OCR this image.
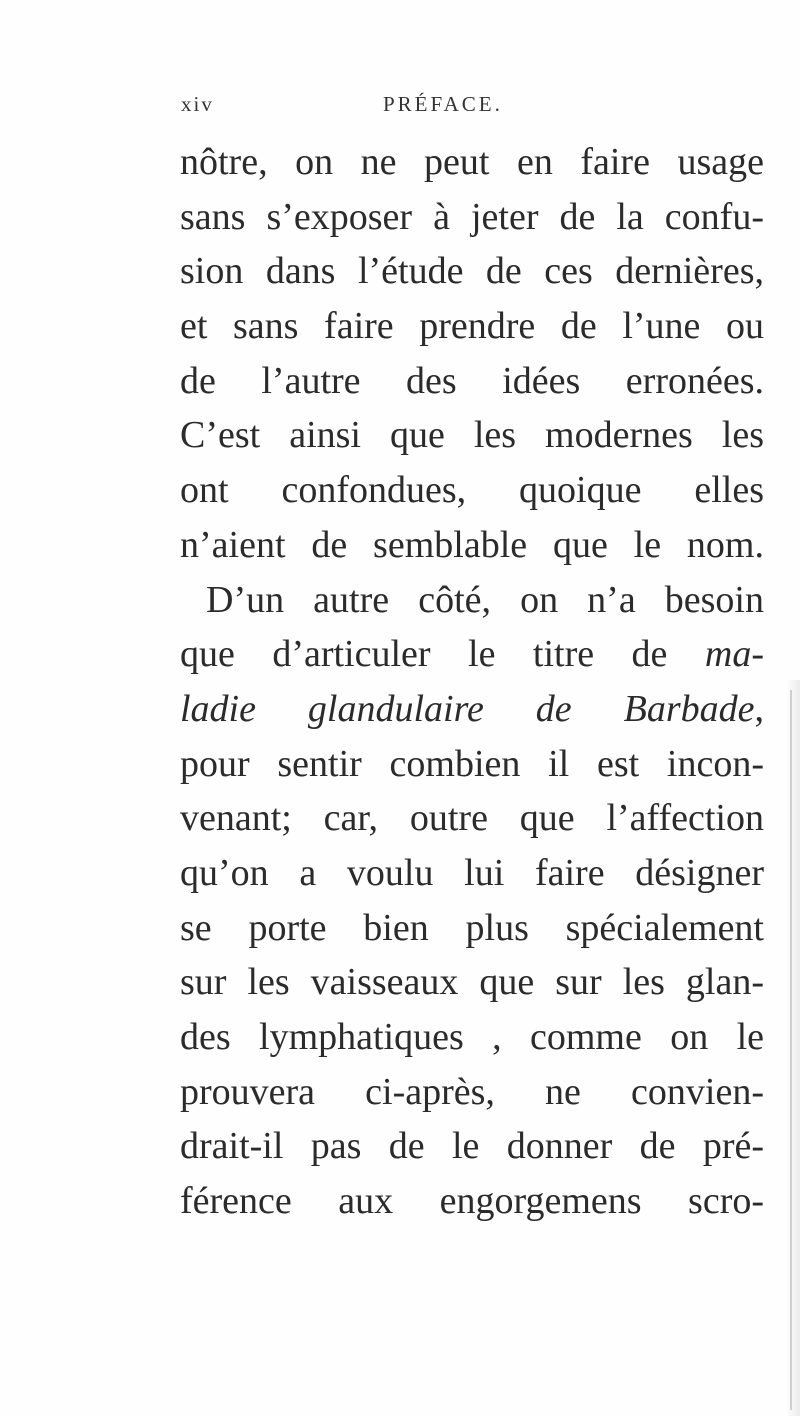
xiv	PRÉFACE.
nôtre, on ne peut en faire usage
sans s’exposer à jeter de la confu-
sion dans l’étude de ces dernières,
et sans faire prendre de l’une ou
de l’autre des idées erronées.
C’est ainsi que les modernes les
ont confondues, quoique elles
n’aient de semblable que le nom.
D’un autre côté, on n’a besoin
que d’articuler le titre de ma-
ladie glandulaire de Barbade,
pour sentir combien il est incon-
venant; car, outre que l’affection
qu’on a voulu lui faire désigner
se porte bien plus spécialement
sur les vaisseaux que sur les glan-
des lymphatiques , comme on le
prouvera ci-après, ne convien-
drait-il pas de le donner de pré-
férence aux engorgemens scro-
